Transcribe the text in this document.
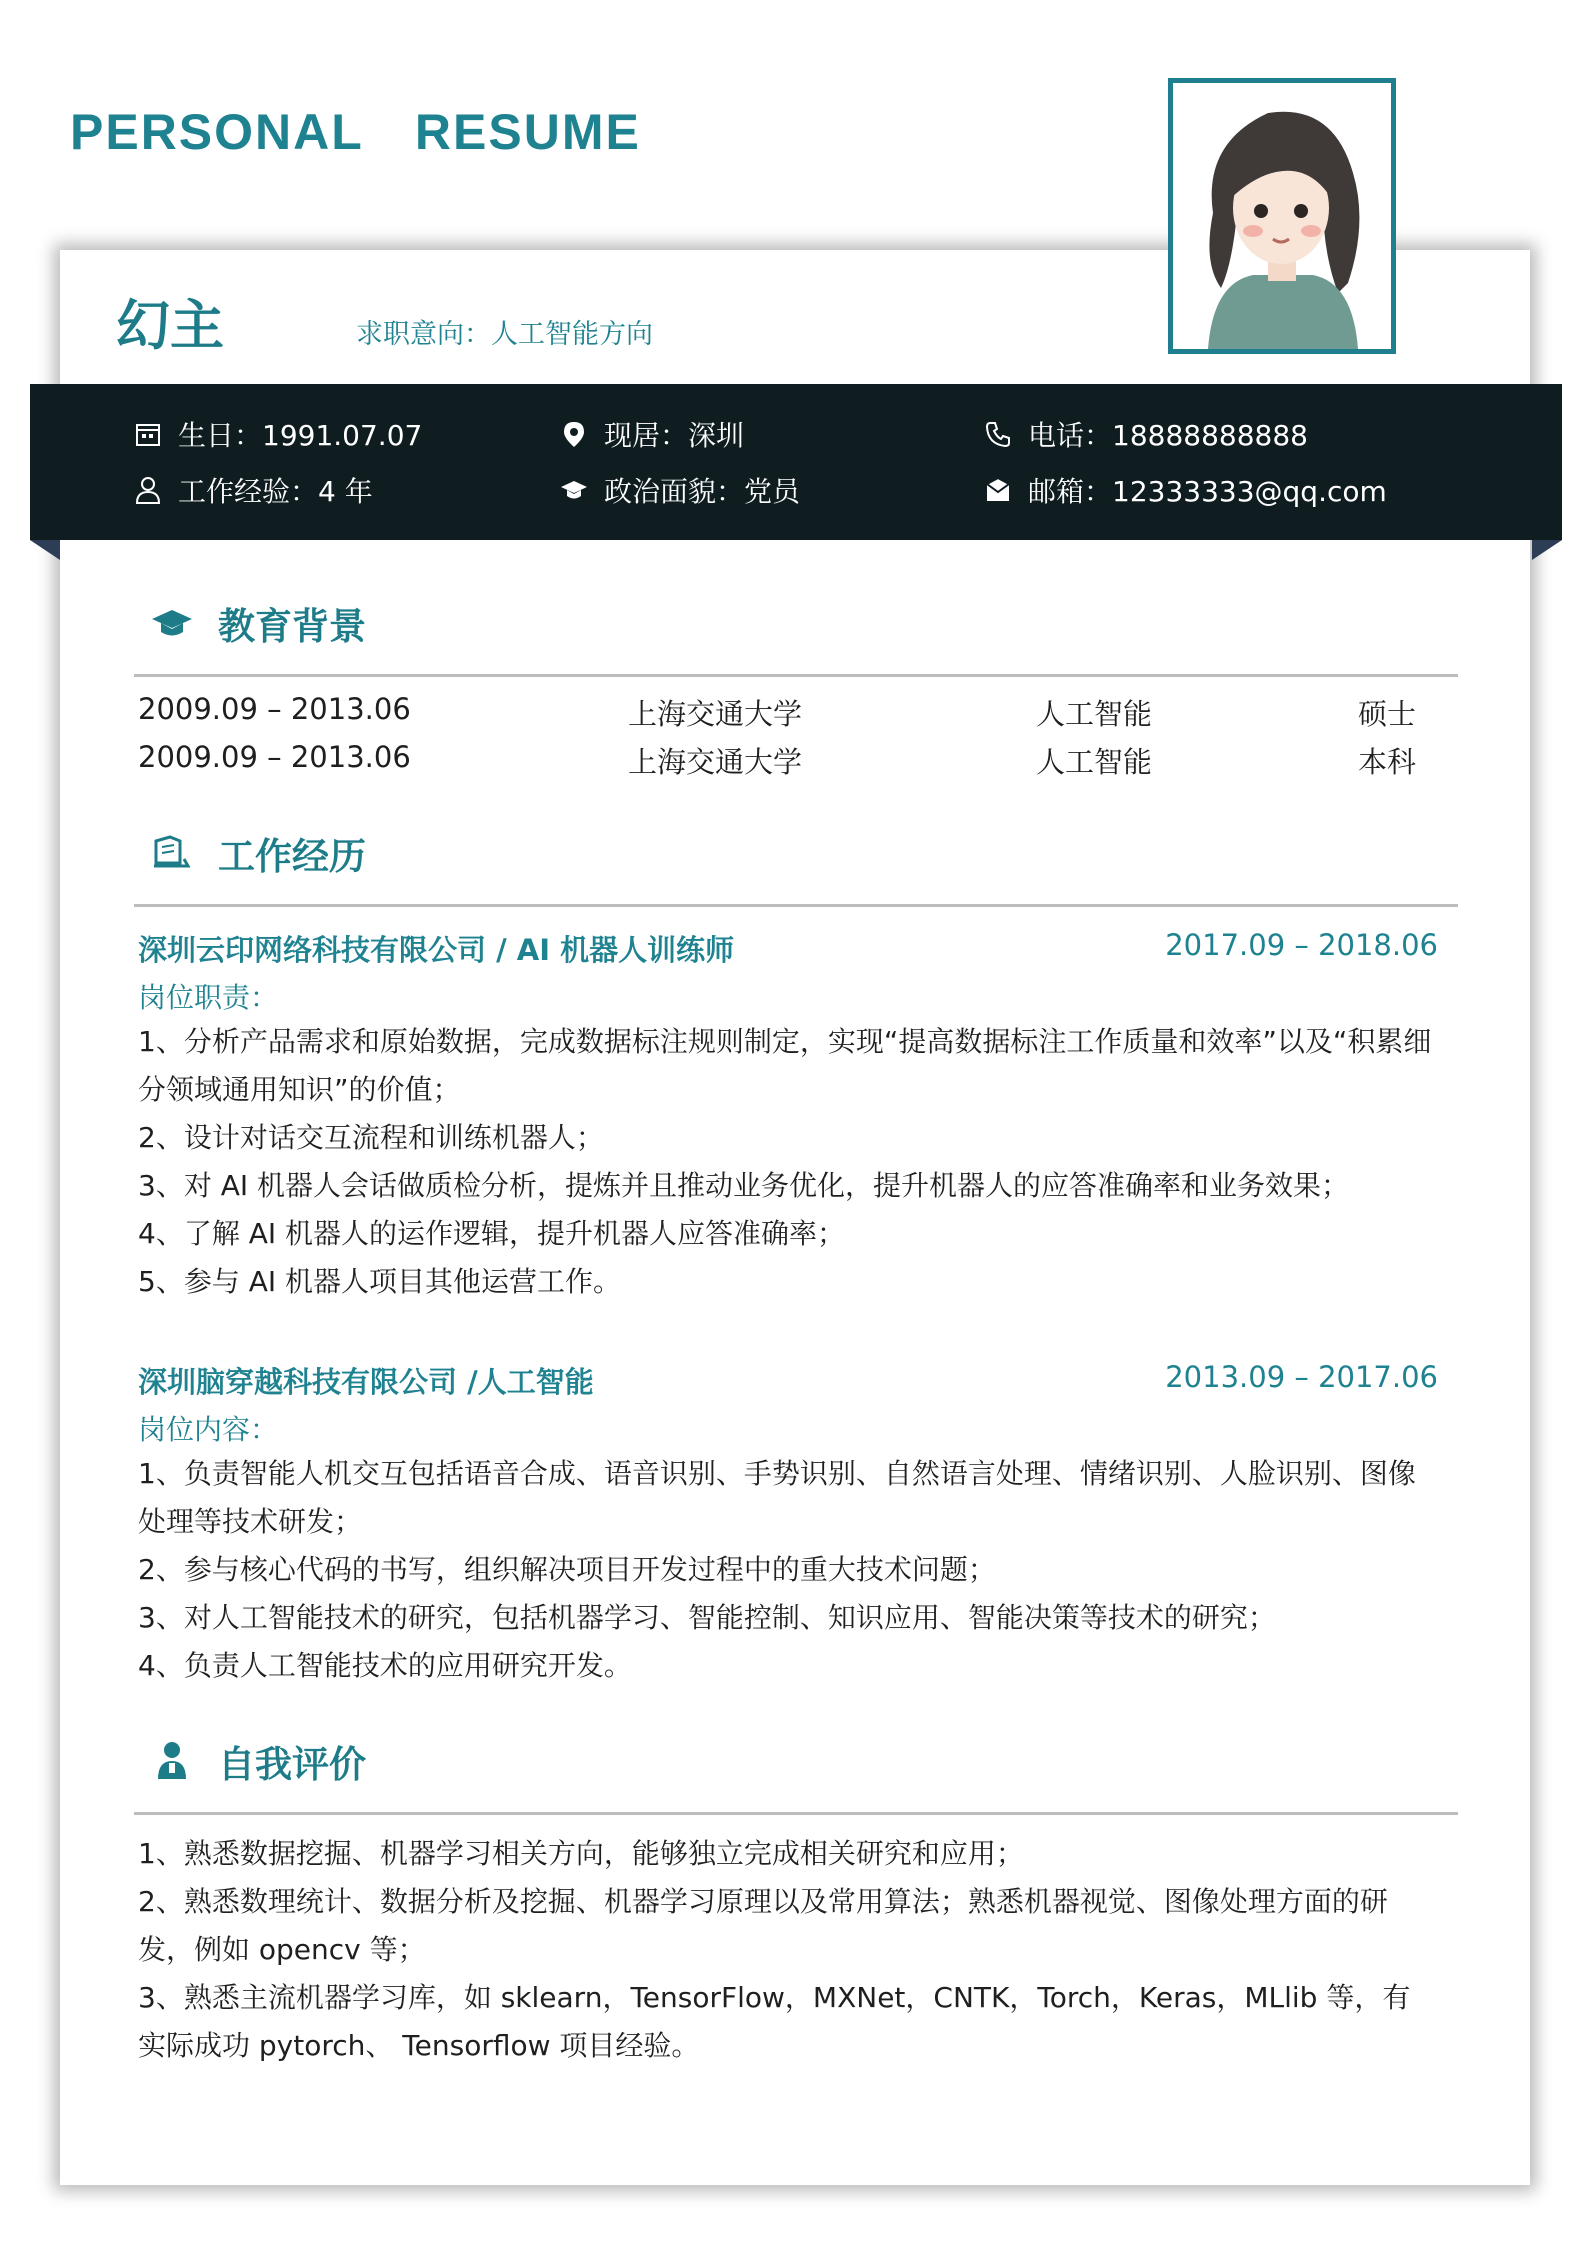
PERSONAL　RESUME
幻主	求职意向：人工智能方向
生日：1991.07.07	现居：深圳	电话：18888888888
工作经验：4 年	政治面貌：党员	邮箱：12333333@qq.com
教育背景
2009.09 – 2013.06	上海交通大学	人工智能	硕士
2009.09 – 2013.06	上海交通大学	人工智能	本科
工作经历
深圳云印网络科技有限公司 / AI 机器人训练师	2017.09 – 2018.06
岗位职责：

1、分析产品需求和原始数据，完成数据标注规则制定，实现“提高数据标注工作质量和效率”以及“积累细分领域通用知识”的价值；

2、设计对话交互流程和训练机器人；

3、对 AI 机器人会话做质检分析，提炼并且推动业务优化，提升机器人的应答准确率和业务效果；

4、了解 AI 机器人的运作逻辑，提升机器人应答准确率；

5、参与 AI 机器人项目其他运营工作。

深圳脑穿越科技有限公司 /人工智能	2013.09 – 2017.06
岗位内容：

1、负责智能人机交互包括语音合成、语音识别、手势识别、自然语言处理、情绪识别、人脸识别、图像处理等技术研发；

2、参与核心代码的书写，组织解决项目开发过程中的重大技术问题；

3、对人工智能技术的研究，包括机器学习、智能控制、知识应用、智能决策等技术的研究；

4、负责人工智能技术的应用研究开发。

自我评价

1、熟悉数据挖掘、机器学习相关方向，能够独立完成相关研究和应用；

2、熟悉数理统计、数据分析及挖掘、机器学习原理以及常用算法；熟悉机器视觉、图像处理方面的研发，例如 opencv 等；

3、熟悉主流机器学习库，如 sklearn，TensorFlow，MXNet，CNTK，Torch，Keras，MLlib 等，有实际成功 pytorch、 Tensorflow 项目经验。
